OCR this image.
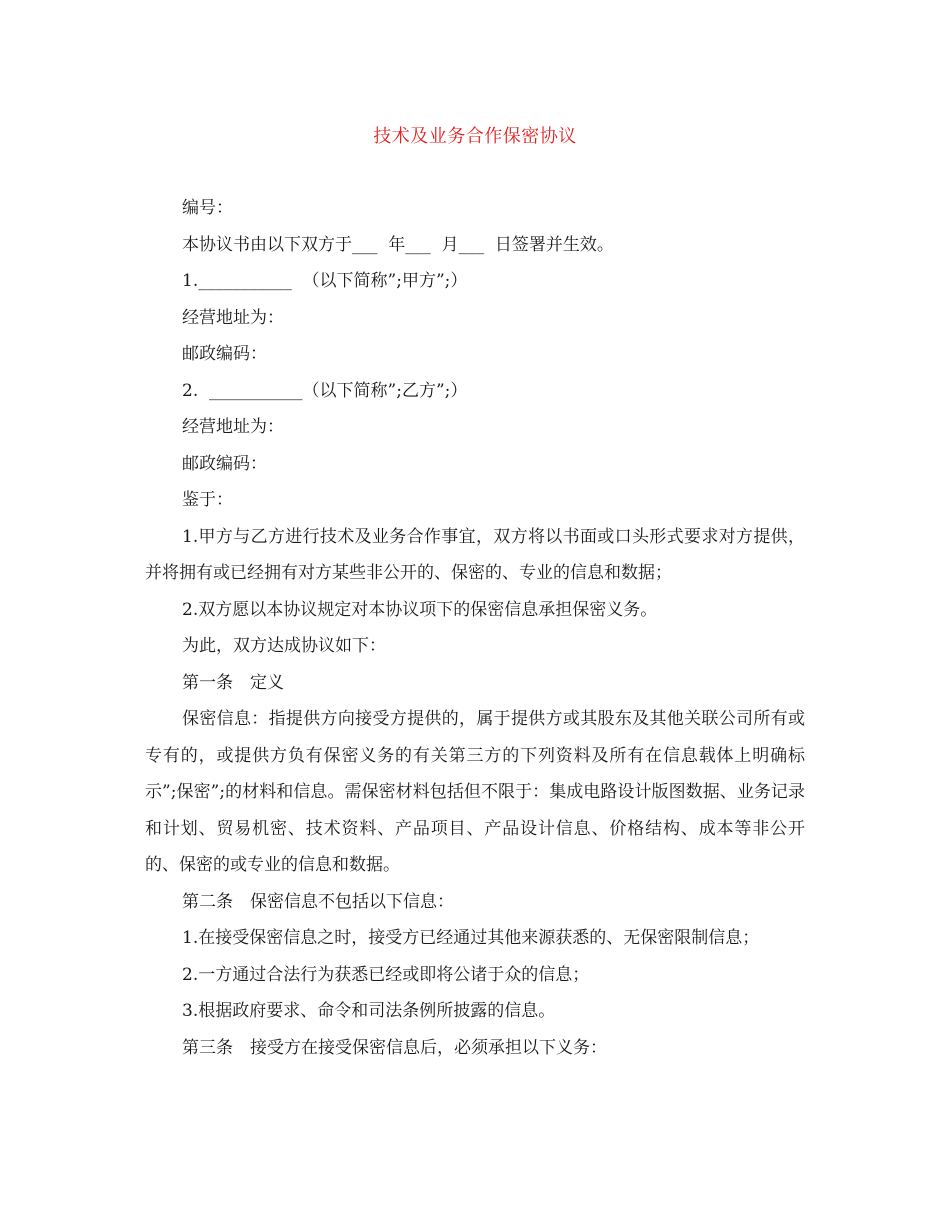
技术及业务合作保密协议
编号：
本协议书由以下双方于___  年___  月___  日签署并生效。
1.___________  （以下简称”;甲方”;）
经营地址为：
邮政编码：
2.  ___________（以下简称”;乙方”;）
经营地址为：
邮政编码：
鉴于：

1.甲方与乙方进行技术及业务合作事宜，双方将以书面或口头形式要求对方提供，并将拥有或已经拥有对方某些非公开的、保密的、专业的信息和数据；

2.双方愿以本协议规定对本协议项下的保密信息承担保密义务。

为此，双方达成协议如下：

第一条　定义

保密信息：指提供方向接受方提供的，属于提供方或其股东及其他关联公司所有或专有的，或提供方负有保密义务的有关第三方的下列资料及所有在信息载体上明确标示”;保密”;的材料和信息。需保密材料包括但不限于：集成电路设计版图数据、业务记录和计划、贸易机密、技术资料、产品项目、产品设计信息、价格结构、成本等非公开的、保密的或专业的信息和数据。

第二条　保密信息不包括以下信息：

1.在接受保密信息之时，接受方已经通过其他来源获悉的、无保密限制信息；

2.一方通过合法行为获悉已经或即将公诸于众的信息；

3.根据政府要求、命令和司法条例所披露的信息。

第三条　接受方在接受保密信息后，必须承担以下义务：
